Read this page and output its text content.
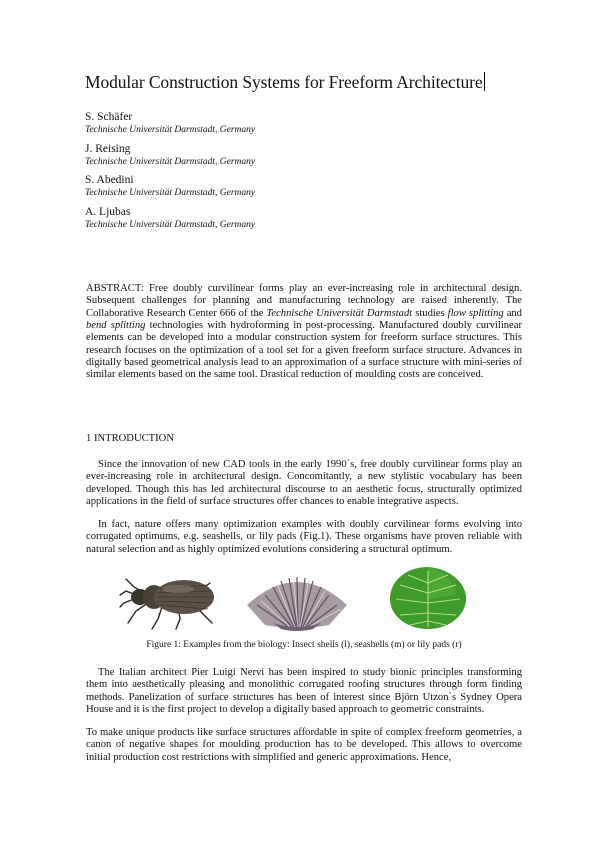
Modular Construction Systems for Freeform Architecture
S. Schäfer
Technische Universität Darmstadt, Germany
J. Reising
Technische Universität Darmstadt, Germany
S. Abedini
Technische Universität Darmstadt, Germany
A. Ljubas
Technische Universität Darmstadt, Germany
ABSTRACT: Free doubly curvilinear forms play an ever-increasing role in architectural design. Subsequent challenges for planning and manufacturing technology are raised inherently. The Collaborative Research Center 666 of the Technische Universität Darmstadt studies flow splitting and bend splitting technologies with hydroforming in post-processing. Manufactured doubly curvilinear elements can be developed into a modular construction system for freeform surface structures. This research focuses on the optimization of a tool set for a given freeform surface structure. Advances in digitally based geometrical analysis lead to an approximation of a surface structure with mini-series of similar elements based on the same tool. Drastical reduction of moulding costs are conceived.
1 INTRODUCTION
Since the innovation of new CAD tools in the early 1990´s, free doubly curvilinear forms play an ever-increasing role in architectural design. Concomitantly, a new stylistic vocabulary has been developed. Though this has led architectural discourse to an aesthetic focus, structurally optimized applications in the field of surface structures offer chances to enable integrative aspects.
In fact, nature offers many optimization examples with doubly curvilinear forms evolving into corrugated optimums, e.g. seashells, or lily pads (Fig.1). These organisms have proven reliable with natural selection and as highly optimized evolutions considering a structural optimum.
Figure 1: Examples from the biology: Insect shells (l), seashells (m) or lily pads (r)
The Italian architect Pier Luigi Nervi has been inspired to study bionic principles transforming them into aesthetically pleasing and monolithic corrugated roofing structures through form finding methods. Panelization of surface structures has been of interest since Björn Utzon`s Sydney Opera House and it is the first project to develop a digitally based approach to geometric constraints.
To make unique products like surface structures affordable in spite of complex freeform geometries, a canon of negative shapes for moulding production has to be developed. This allows to overcome initial production cost restrictions with simplified and generic approximations. Hence,
